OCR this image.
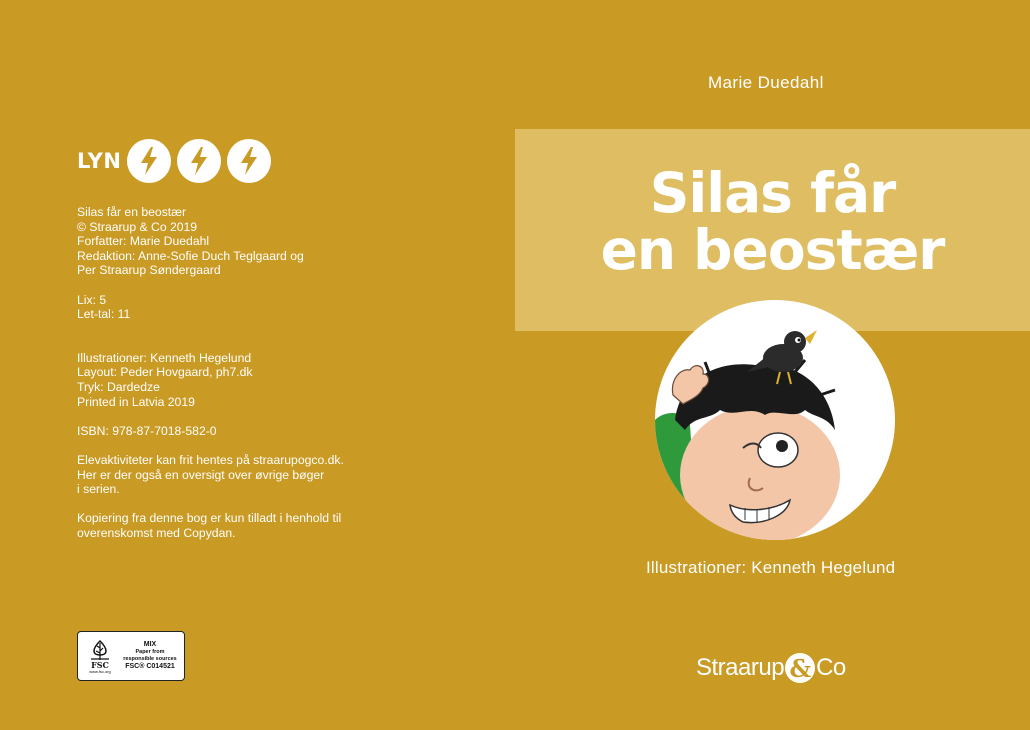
LYN
Silas får en beostær
© Straarup & Co 2019
Forfatter: Marie Duedahl
Redaktion: Anne-Sofie Duch Teglgaard og
Per Straarup Søndergaard
Lix: 5
Let-tal: 11
Illustrationer: Kenneth Hegelund
Layout: Peder Hovgaard, ph7.dk
Tryk: Dardedze
Printed in Latvia 2019
ISBN: 978-87-7018-582-0
Elevaktiviteter kan frit hentes på straarupogco.dk.
Her er der også en oversigt over øvrige bøger
i serien.
Kopiering fra denne bog er kun tilladt i henhold til
overenskomst med Copydan.
FSC
www.fsc.org
MIX
Paper from
responsible sources
FSC® C014521
Marie Duedahl
Silas får
en beostær
Illustrationer: Kenneth Hegelund
Straarup & Co
